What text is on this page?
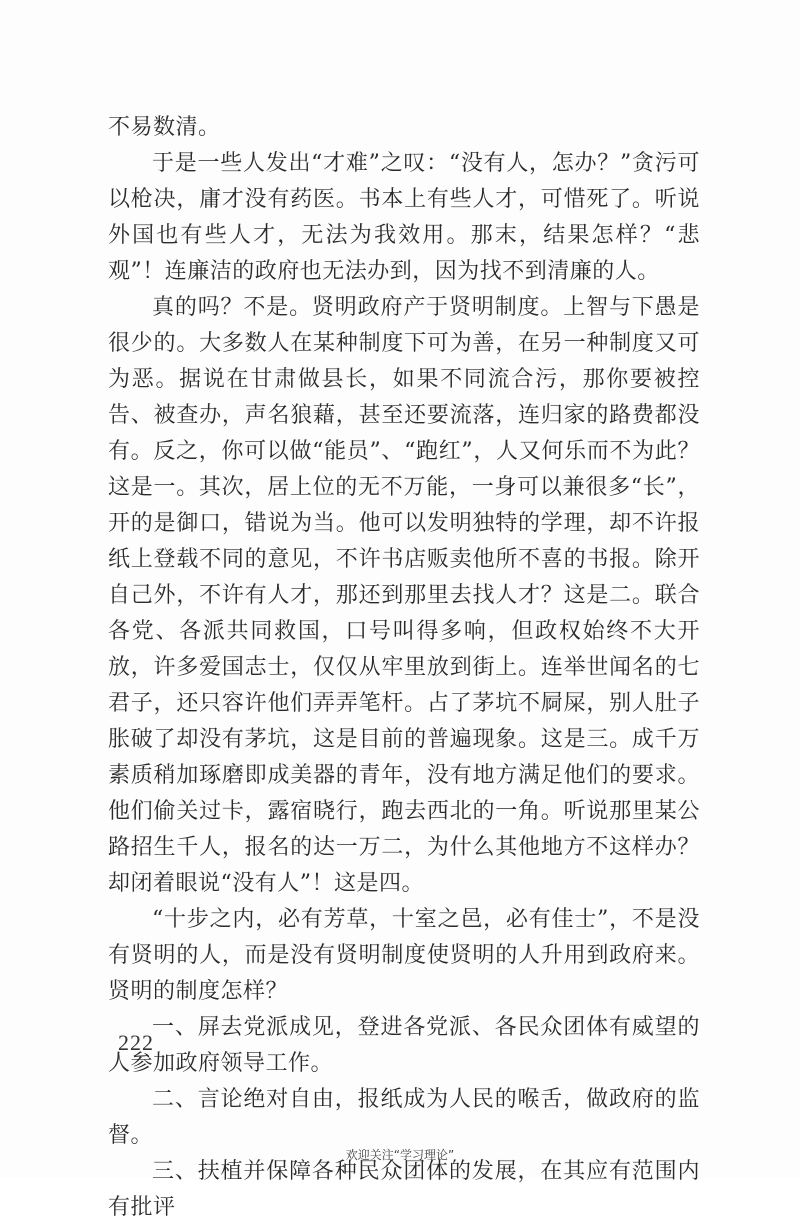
不易数清。

于是一些人发出“才难”之叹：“没有人，怎办？”贪污可以枪决，庸才没有药医。书本上有些人才，可惜死了。听说外国也有些人才，无法为我效用。那末，结果怎样？“悲观”！连廉洁的政府也无法办到，因为找不到清廉的人。

真的吗？不是。贤明政府产于贤明制度。上智与下愚是很少的。大多数人在某种制度下可为善，在另一种制度又可为恶。据说在甘肃做县长，如果不同流合污，那你要被控告、被查办，声名狼藉，甚至还要流落，连归家的路费都没有。反之，你可以做“能员”、“跑红”，人又何乐而不为此？这是一。其次，居上位的无不万能，一身可以兼很多“长”，开的是御口，错说为当。他可以发明独特的学理，却不许报纸上登载不同的意见，不许书店贩卖他所不喜的书报。除开自己外，不许有人才，那还到那里去找人才？这是二。联合各党、各派共同救国，口号叫得多响，但政权始终不大开放，许多爱国志士，仅仅从牢里放到街上。连举世闻名的七君子，还只容许他们弄弄笔杆。占了茅坑不屙屎，别人肚子胀破了却没有茅坑，这是目前的普遍现象。这是三。成千万素质稍加琢磨即成美器的青年，没有地方满足他们的要求。他们偷关过卡，露宿晓行，跑去西北的一角。听说那里某公路招生千人，报名的达一万二，为什么其他地方不这样办？却闭着眼说“没有人”！这是四。

“十步之内，必有芳草，十室之邑，必有佳士”，不是没有贤明的人，而是没有贤明制度使贤明的人升用到政府来。贤明的制度怎样？

一、屏去党派成见，登进各党派、各民众团体有威望的人参加政府领导工作。

二、言论绝对自由，报纸成为人民的喉舌，做政府的监督。

三、扶植并保障各种民众团体的发展，在其应有范围内有批评

222
欢迎关注“学习理论”
